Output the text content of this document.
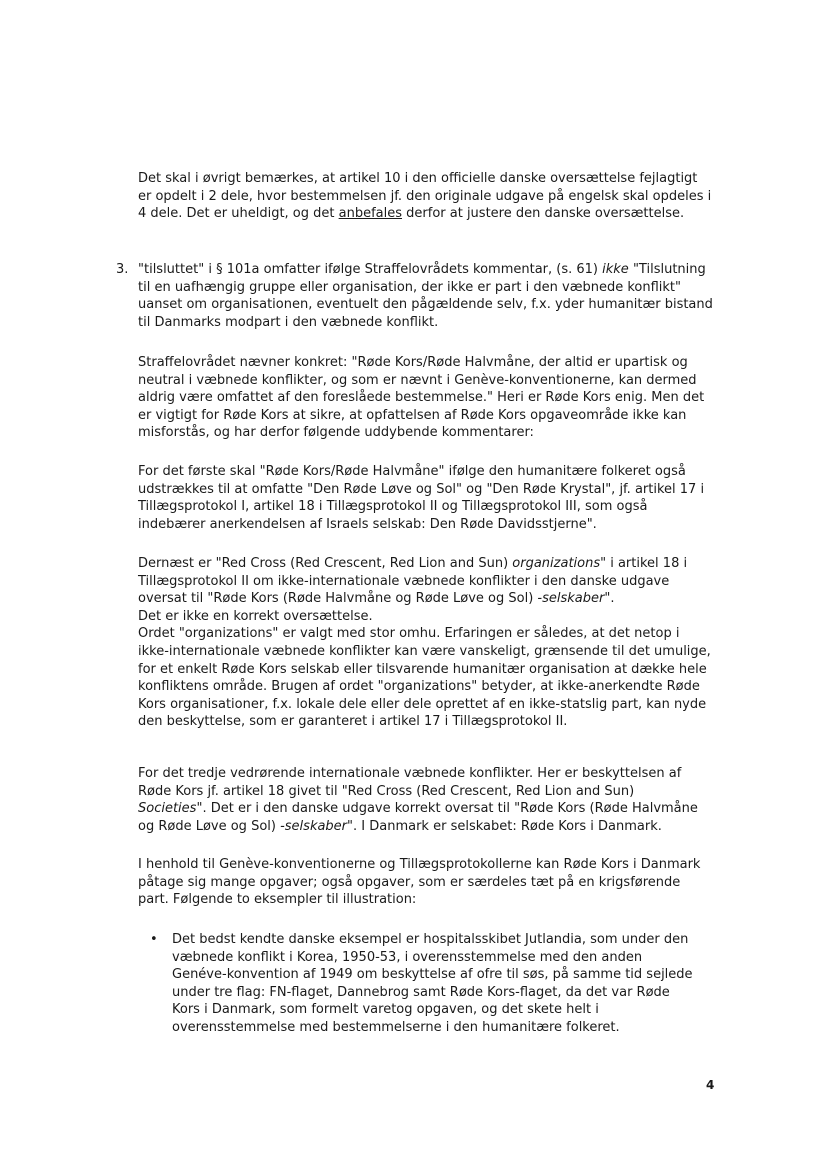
Det skal i øvrigt bemærkes, at artikel 10 i den officielle danske oversættelse fejlagtigt
er opdelt i 2 dele, hvor bestemmelsen jf. den originale udgave på engelsk skal opdeles i
4 dele. Det er uheldigt, og det anbefales derfor at justere den danske oversættelse.

3. "tilsluttet" i § 101a omfatter ifølge Straffelovrådets kommentar, (s. 61) ikke "Tilslutning
til en uafhængig gruppe eller organisation, der ikke er part i den væbnede konflikt"
uanset om organisationen, eventuelt den pågældende selv, f.x. yder humanitær bistand
til Danmarks modpart i den væbnede konflikt.

Straffelovrådet nævner konkret: "Røde Kors/Røde Halvmåne, der altid er upartisk og
neutral i væbnede konflikter, og som er nævnt i Genève-konventionerne, kan dermed
aldrig være omfattet af den foreslåede bestemmelse." Heri er Røde Kors enig. Men det
er vigtigt for Røde Kors at sikre, at opfattelsen af Røde Kors opgaveområde ikke kan
misforstås, og har derfor følgende uddybende kommentarer:

For det første skal "Røde Kors/Røde Halvmåne" ifølge den humanitære folkeret også
udstrækkes til at omfatte "Den Røde Løve og Sol" og "Den Røde Krystal", jf. artikel 17 i
Tillægsprotokol I, artikel 18 i Tillægsprotokol II og Tillægsprotokol III, som også
indebærer anerkendelsen af Israels selskab: Den Røde Davidsstjerne".

Dernæst er "Red Cross (Red Crescent, Red Lion and Sun) organizations" i artikel 18 i
Tillægsprotokol II om ikke-internationale væbnede konflikter i den danske udgave
oversat til "Røde Kors (Røde Halvmåne og Røde Løve og Sol) -selskaber".
Det er ikke en korrekt oversættelse.
Ordet "organizations" er valgt med stor omhu. Erfaringen er således, at det netop i
ikke-internationale væbnede konflikter kan være vanskeligt, grænsende til det umulige,
for et enkelt Røde Kors selskab eller tilsvarende humanitær organisation at dække hele
konfliktens område. Brugen af ordet "organizations" betyder, at ikke-anerkendte Røde
Kors organisationer, f.x. lokale dele eller dele oprettet af en ikke-statslig part, kan nyde
den beskyttelse, som er garanteret i artikel 17 i Tillægsprotokol II.

For det tredje vedrørende internationale væbnede konflikter. Her er beskyttelsen af
Røde Kors jf. artikel 18 givet til "Red Cross (Red Crescent, Red Lion and Sun)
Societies". Det er i den danske udgave korrekt oversat til "Røde Kors (Røde Halvmåne
og Røde Løve og Sol) -selskaber". I Danmark er selskabet: Røde Kors i Danmark.

I henhold til Genève-konventionerne og Tillægsprotokollerne kan Røde Kors i Danmark
påtage sig mange opgaver; også opgaver, som er særdeles tæt på en krigsførende
part. Følgende to eksempler til illustration:

• Det bedst kendte danske eksempel er hospitalsskibet Jutlandia, som under den
væbnede konflikt i Korea, 1950-53, i overensstemmelse med den anden
Genéve-konvention af 1949 om beskyttelse af ofre til søs, på samme tid sejlede
under tre flag: FN-flaget, Dannebrog samt Røde Kors-flaget, da det var Røde
Kors i Danmark, som formelt varetog opgaven, og det skete helt i
overensstemmelse med bestemmelserne i den humanitære folkeret.

4
